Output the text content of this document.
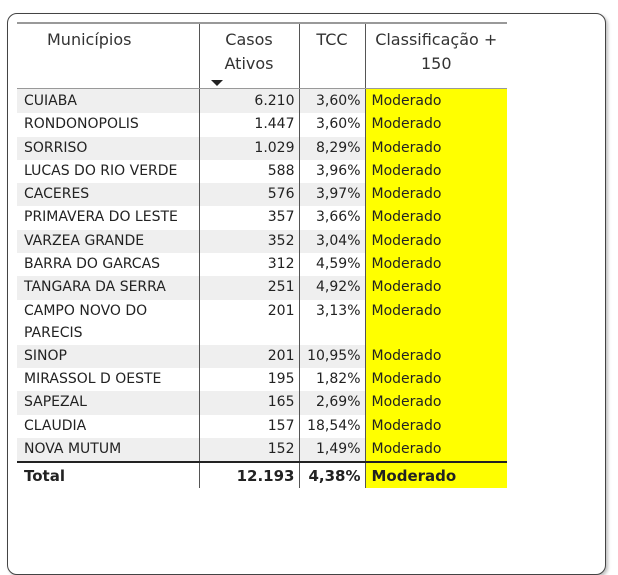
Municípios	Casos Ativos	TCC	Classificação + 150
CUIABA	6.210	3,60%	Moderado
RONDONOPOLIS	1.447	3,60%	Moderado
SORRISO	1.029	8,29%	Moderado
LUCAS DO RIO VERDE	588	3,96%	Moderado
CACERES	576	3,97%	Moderado
PRIMAVERA DO LESTE	357	3,66%	Moderado
VARZEA GRANDE	352	3,04%	Moderado
BARRA DO GARCAS	312	4,59%	Moderado
TANGARA DA SERRA	251	4,92%	Moderado
CAMPO NOVO DO PARECIS	201	3,13%	Moderado
SINOP	201	10,95%	Moderado
MIRASSOL D OESTE	195	1,82%	Moderado
SAPEZAL	165	2,69%	Moderado
CLAUDIA	157	18,54%	Moderado
NOVA MUTUM	152	1,49%	Moderado
Total	12.193	4,38%	Moderado
